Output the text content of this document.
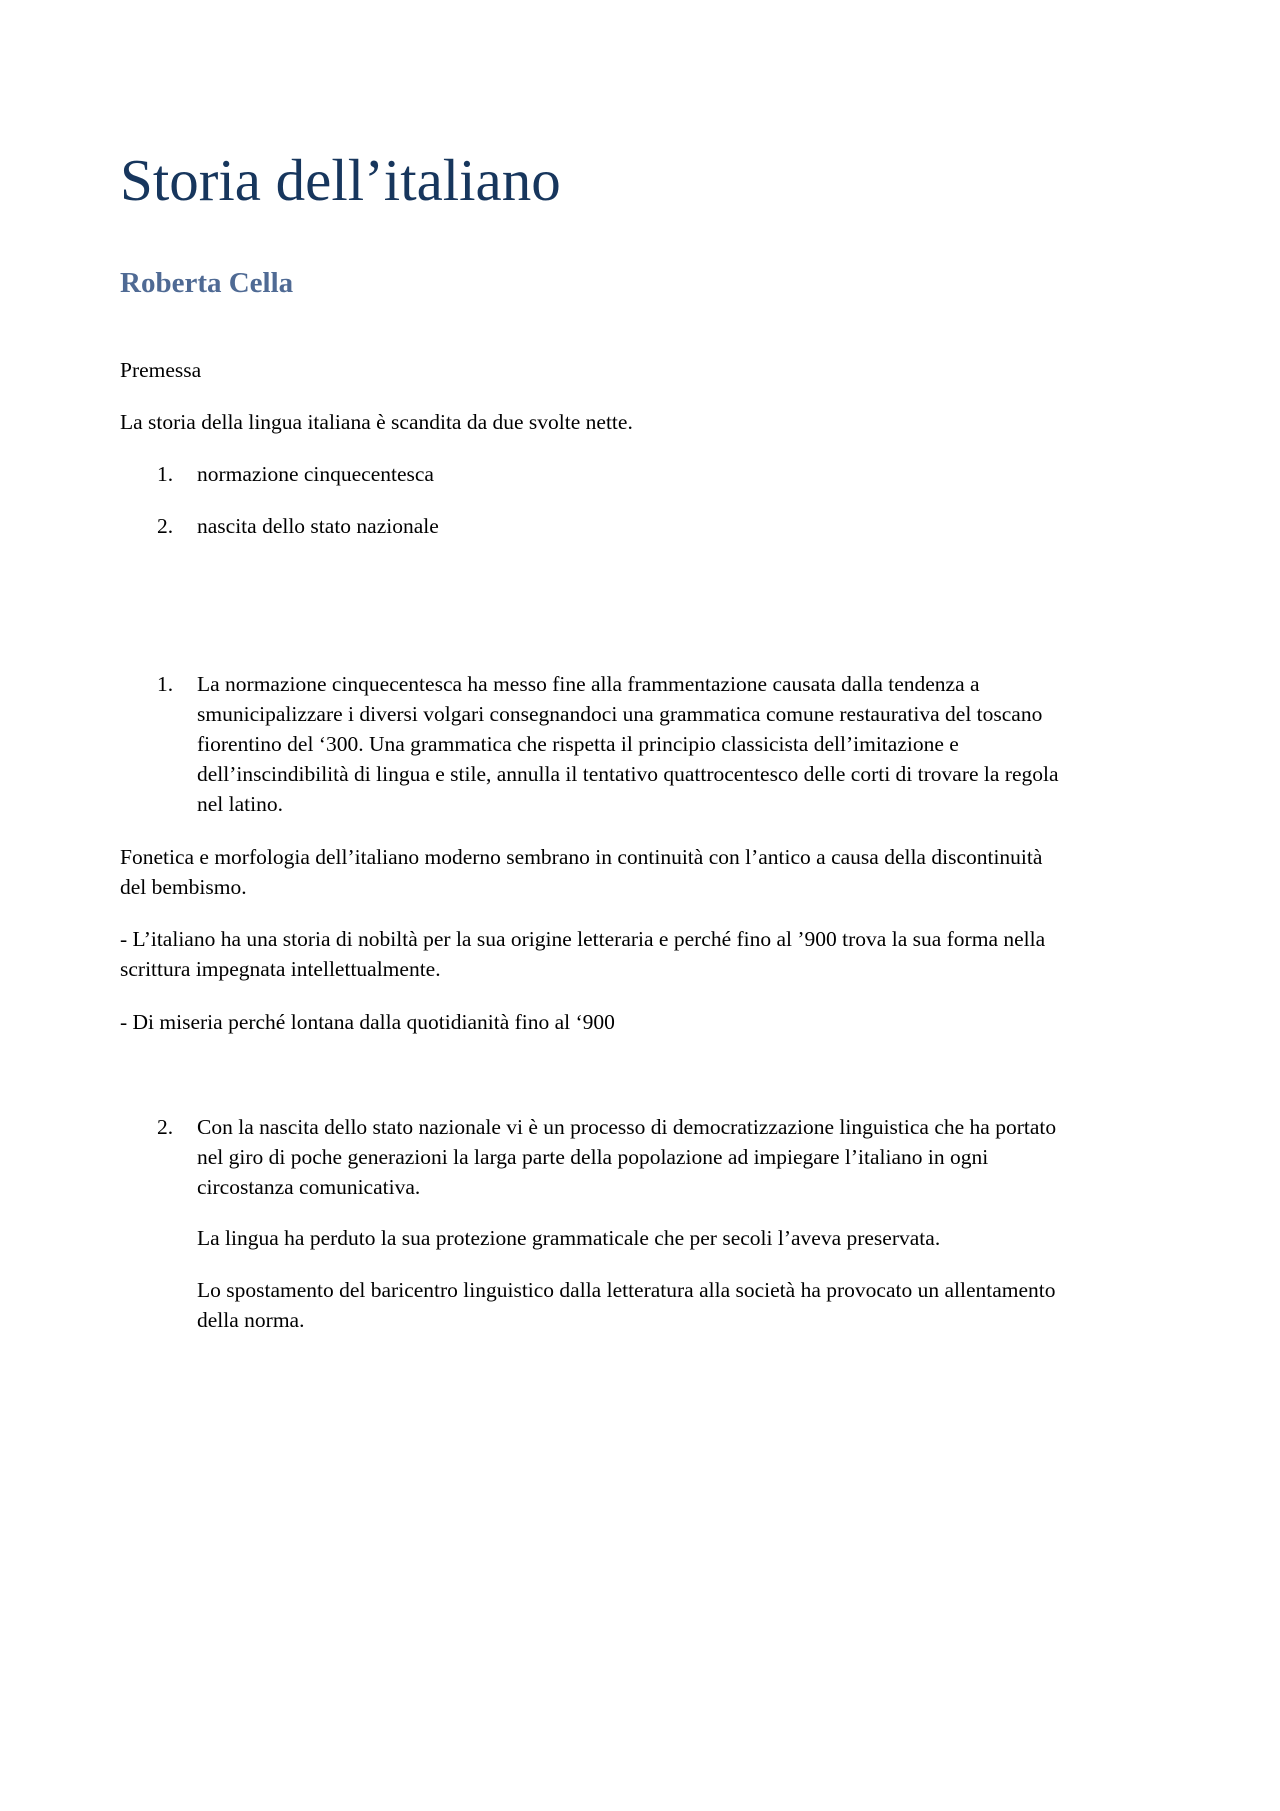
Storia dell’italiano
Roberta Cella

Premessa

La storia della lingua italiana è scandita da due svolte nette.

1. normazione cinquecentesca
2. nascita dello stato nazionale
1. La normazione cinquecentesca ha messo fine alla frammentazione causata dalla tendenza a
smunicipalizzare i diversi volgari consegnandoci una grammatica comune restaurativa del toscano
fiorentino del ‘300. Una grammatica che rispetta il principio classicista dell’imitazione e
dell’inscindibilità di lingua e stile, annulla il tentativo quattrocentesco delle corti di trovare la regola
nel latino.
Fonetica e morfologia dell’italiano moderno sembrano in continuità con l’antico a causa della discontinuità
del bembismo.
- L’italiano ha una storia di nobiltà per la sua origine letteraria e perché fino al ’900 trova la sua forma nella
scrittura impegnata intellettualmente.

- Di miseria perché lontana dalla quotidianità fino al ‘900

2. Con la nascita dello stato nazionale vi è un processo di democratizzazione linguistica che ha portato
nel giro di poche generazioni la larga parte della popolazione ad impiegare l’italiano in ogni
circostanza comunicativa.

La lingua ha perduto la sua protezione grammaticale che per secoli l’aveva preservata.

Lo spostamento del baricentro linguistico dalla letteratura alla società ha provocato un allentamento
della norma.
